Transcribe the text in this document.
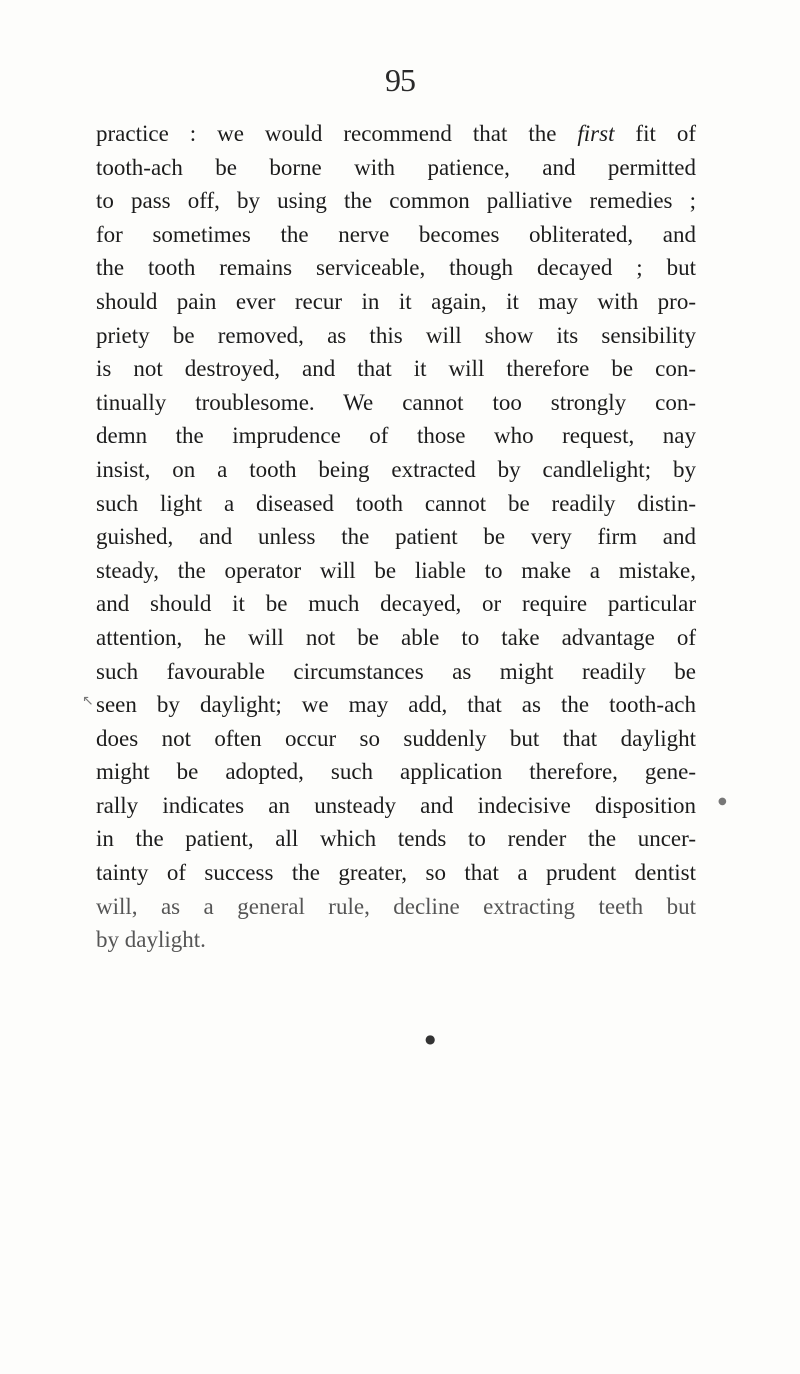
95
practice : we would recommend that the first fit of
tooth-ach be borne with patience, and permitted
to pass off, by using the common palliative remedies ;
for sometimes the nerve becomes obliterated, and
the tooth remains serviceable, though decayed ; but
should pain ever recur in it again, it may with pro-
priety be removed, as this will show its sensibility
is not destroyed, and that it will therefore be con-
tinually troublesome. We cannot too strongly con-
demn the imprudence of those who request, nay
insist, on a tooth being extracted by candlelight; by
such light a diseased tooth cannot be readily distin-
guished, and unless the patient be very firm and
steady, the operator will be liable to make a mistake,
and should it be much decayed, or require particular
attention, he will not be able to take advantage of
such favourable circumstances as might readily be
seen by daylight; we may add, that as the tooth-ach
does not often occur so suddenly but that daylight
might be adopted, such application therefore, gene-
rally indicates an unsteady and indecisive disposition
in the patient, all which tends to render the uncer-
tainty of success the greater, so that a prudent dentist
will, as a general rule, decline extracting teeth but
by daylight.
↖
●
●
